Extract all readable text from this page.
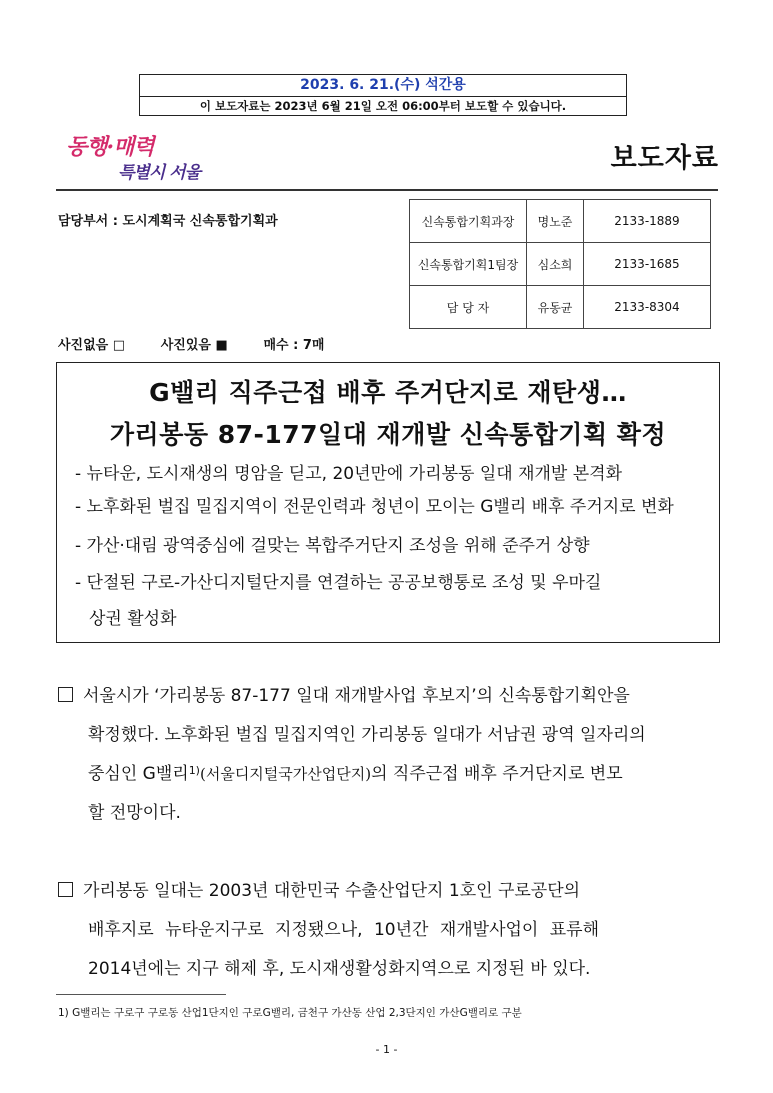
2023. 6. 21.(수) 석간용
이 보도자료는 2023년 6월 21일 오전 06:00부터 보도할 수 있습니다.
동행·매력
특별시 서울	보도자료
담당부서 : 도시계획국 신속통합기획과	신속통합기획과장	명노준	2133-1889
신속통합기획1팀장	심소희	2133-1685
담 당 자	유동균	2133-8304
사진없음 □	사진있음 ■	매수 : 7매
G밸리 직주근접 배후 주거단지로 재탄생…
가리봉동 87-177일대 재개발 신속통합기획 확정
- 뉴타운, 도시재생의 명암을 딛고, 20년만에 가리봉동 일대 재개발 본격화
- 노후화된 벌집 밀집지역이 전문인력과 청년이 모이는 G밸리 배후 주거지로 변화
- 가산·대림 광역중심에 걸맞는 복합주거단지 조성을 위해 준주거 상향
- 단절된 구로-가산디지털단지를 연결하는 공공보행통로 조성 및 우마길
상권 활성화
서울시가 ‘가리봉동 87-177 일대 재개발사업 후보지’의 신속통합기획안을
확정했다. 노후화된 벌집 밀집지역인 가리봉동 일대가 서남권 광역 일자리의
중심인 G밸리$^{1)}$(서울디지털국가산업단지)의 직주근접 배후 주거단지로 변모
할 전망이다.
가리봉동 일대는 2003년 대한민국 수출산업단지 1호인 구로공단의
배후지로 뉴타운지구로 지정됐으나, 10년간 재개발사업이 표류해
2014년에는 지구 해제 후, 도시재생활성화지역으로 지정된 바 있다.
1) G밸리는 구로구 구로동 산업1단지인 구로G밸리, 금천구 가산동 산업 2,3단지인 가산G밸리로 구분
- 1 -
